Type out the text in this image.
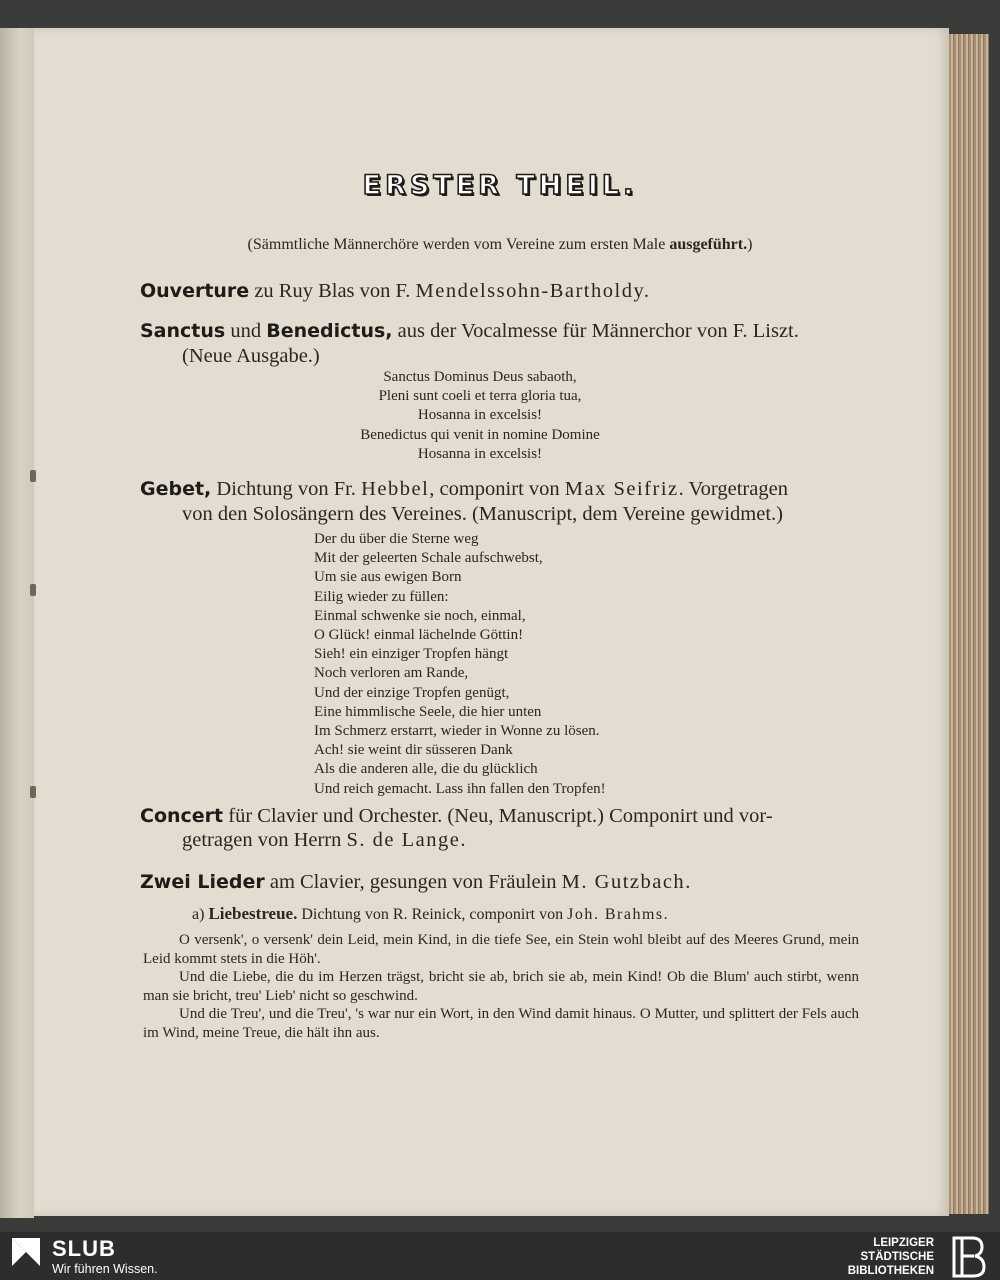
ERSTER THEIL.
(Sämmtliche Männerchöre werden vom Vereine zum ersten Male ausgeführt.)
Ouverture zu Ruy Blas von F. Mendelssohn-Bartholdy.
Sanctus und Benedictus, aus der Vocalmesse für Männerchor von F. Liszt.
(Neue Ausgabe.)
Sanctus Dominus Deus sabaoth,
Pleni sunt coeli et terra gloria tua,
Hosanna in excelsis!
Benedictus qui venit in nomine Domine
Hosanna in excelsis!
Gebet, Dichtung von Fr. Hebbel, componirt von Max Seifriz. Vorgetragen
von den Solosängern des Vereines. (Manuscript, dem Vereine gewidmet.)
Der du über die Sterne weg
Mit der geleerten Schale aufschwebst,
Um sie aus ewigen Born
Eilig wieder zu füllen:
Einmal schwenke sie noch, einmal,
O Glück! einmal lächelnde Göttin!
Sieh! ein einziger Tropfen hängt
Noch verloren am Rande,
Und der einzige Tropfen genügt,
Eine himmlische Seele, die hier unten
Im Schmerz erstarrt, wieder in Wonne zu lösen.
Ach! sie weint dir süsseren Dank
Als die anderen alle, die du glücklich
Und reich gemacht. Lass ihn fallen den Tropfen!
Concert für Clavier und Orchester. (Neu, Manuscript.) Componirt und vor-
getragen von Herrn S. de Lange.
Zwei Lieder am Clavier, gesungen von Fräulein M. Gutzbach.
a) Liebestreue. Dichtung von R. Reinick, componirt von Joh. Brahms.

O versenk', o versenk' dein Leid, mein Kind, in die tiefe See, ein Stein wohl bleibt auf des Meeres Grund, mein Leid kommt stets in die Höh'.

Und die Liebe, die du im Herzen trägst, bricht sie ab, brich sie ab, mein Kind! Ob die Blum' auch stirbt, wenn man sie bricht, treu' Lieb' nicht so geschwind.

Und die Treu', und die Treu', 's war nur ein Wort, in den Wind damit hinaus. O Mutter, und splittert der Fels auch im Wind, meine Treue, die hält ihn aus.

SLUB
Wir führen Wissen.
LEIPZIGER
STÄDTISCHE
BIBLIOTHEKEN
